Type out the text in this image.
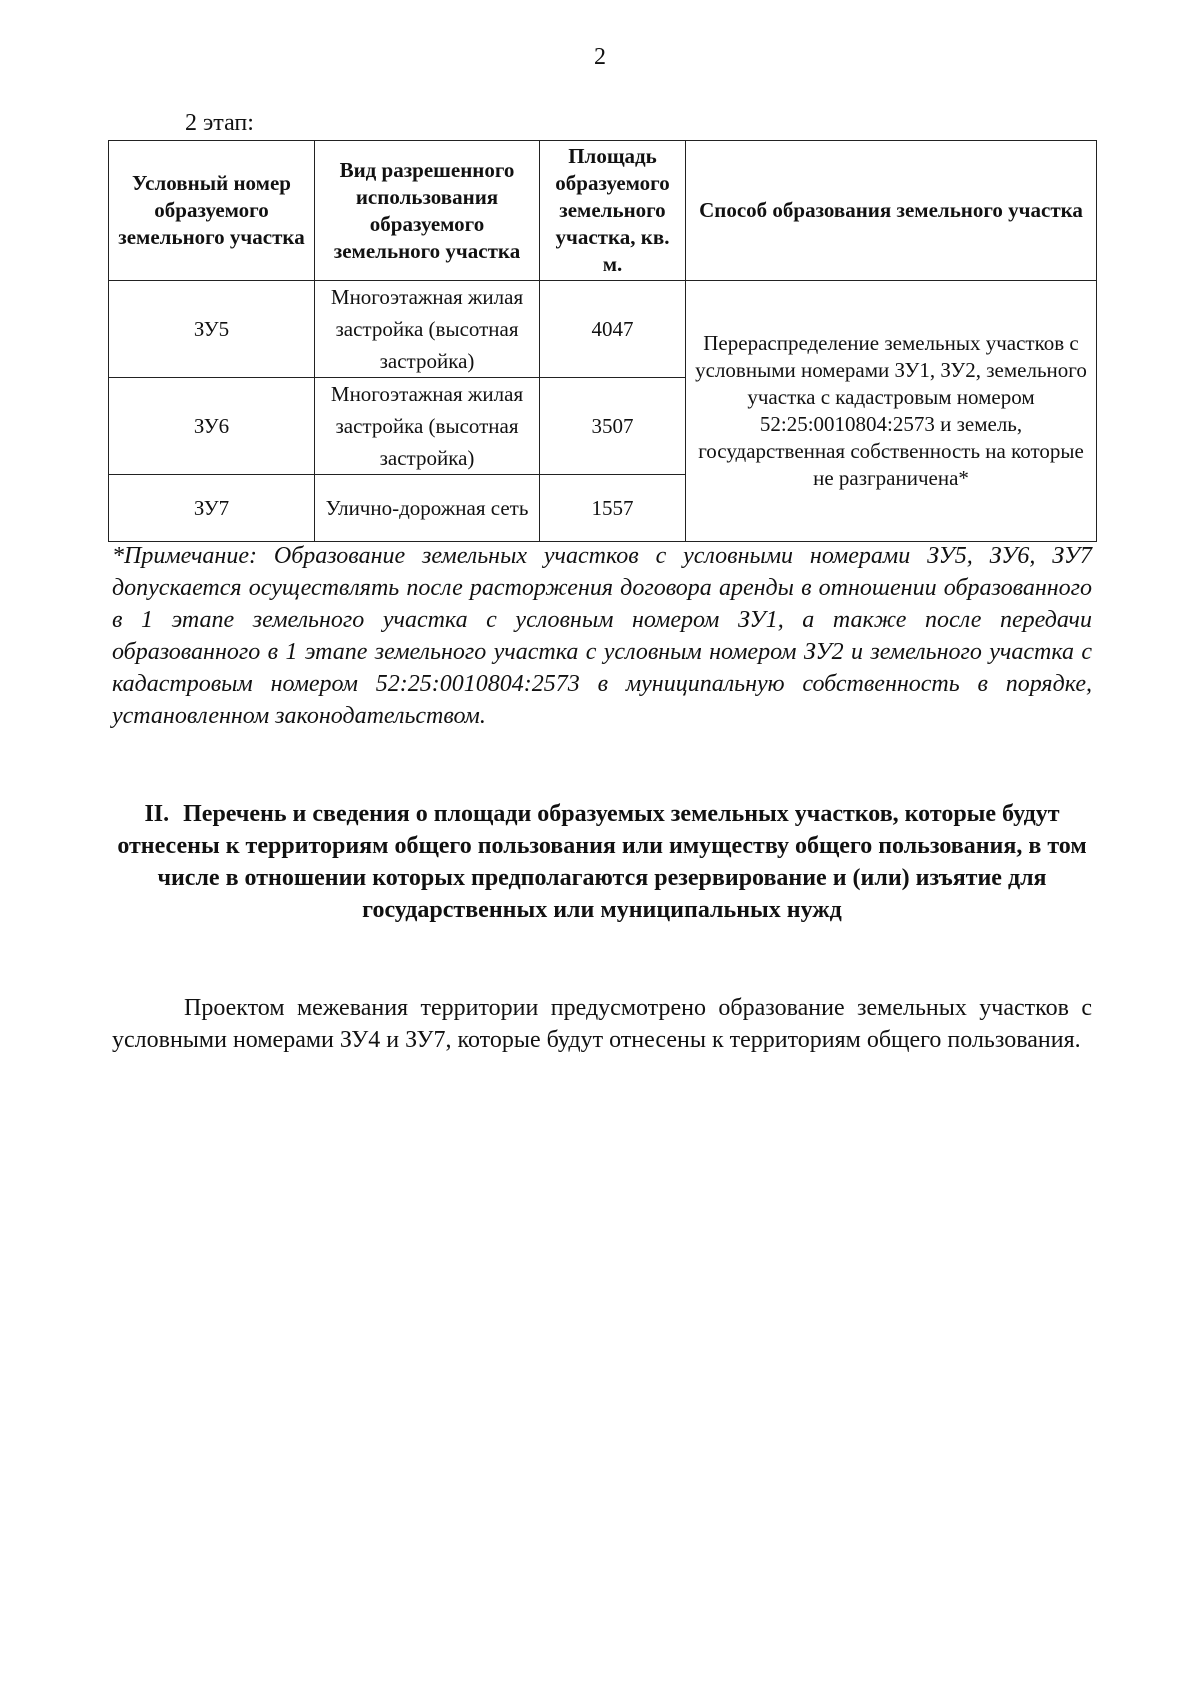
2
2 этап:
Условный номер образуемого земельного участка	Вид разрешенного использования образуемого земельного участка	Площадь образуемого земельного участка, кв. м.	Способ образования земельного участка
ЗУ5	Многоэтажная жилая застройка (высотная застройка)	4047	Перераспределение земельных участков с условными номерами ЗУ1, ЗУ2, земельного участка с кадастровым номером 52:25:0010804:2573 и земель, государственная собственность на которые не разграничена*
ЗУ6	Многоэтажная жилая застройка (высотная застройка)	3507	
ЗУ7	Улично-дорожная сеть	1557	

*Примечание: Образование земельных участков с условными номерами ЗУ5, ЗУ6, ЗУ7 допускается осуществлять после расторжения договора аренды в отношении образованного в 1 этапе земельного участка с условным номером ЗУ1, а также после передачи образованного в 1 этапе земельного участка с условным номером ЗУ2 и земельного участка с кадастровым номером 52:25:0010804:2573 в муниципальную собственность в порядке, установленном законодательством.

II. Перечень и сведения о площади образуемых земельных участков, которые будут отнесены к территориям общего пользования или имуществу общего пользования, в том числе в отношении которых предполагаются резервирование и (или) изъятие для государственных или муниципальных нужд

Проектом межевания территории предусмотрено образование земельных участков с условными номерами ЗУ4 и ЗУ7, которые будут отнесены к территориям общего пользования.
